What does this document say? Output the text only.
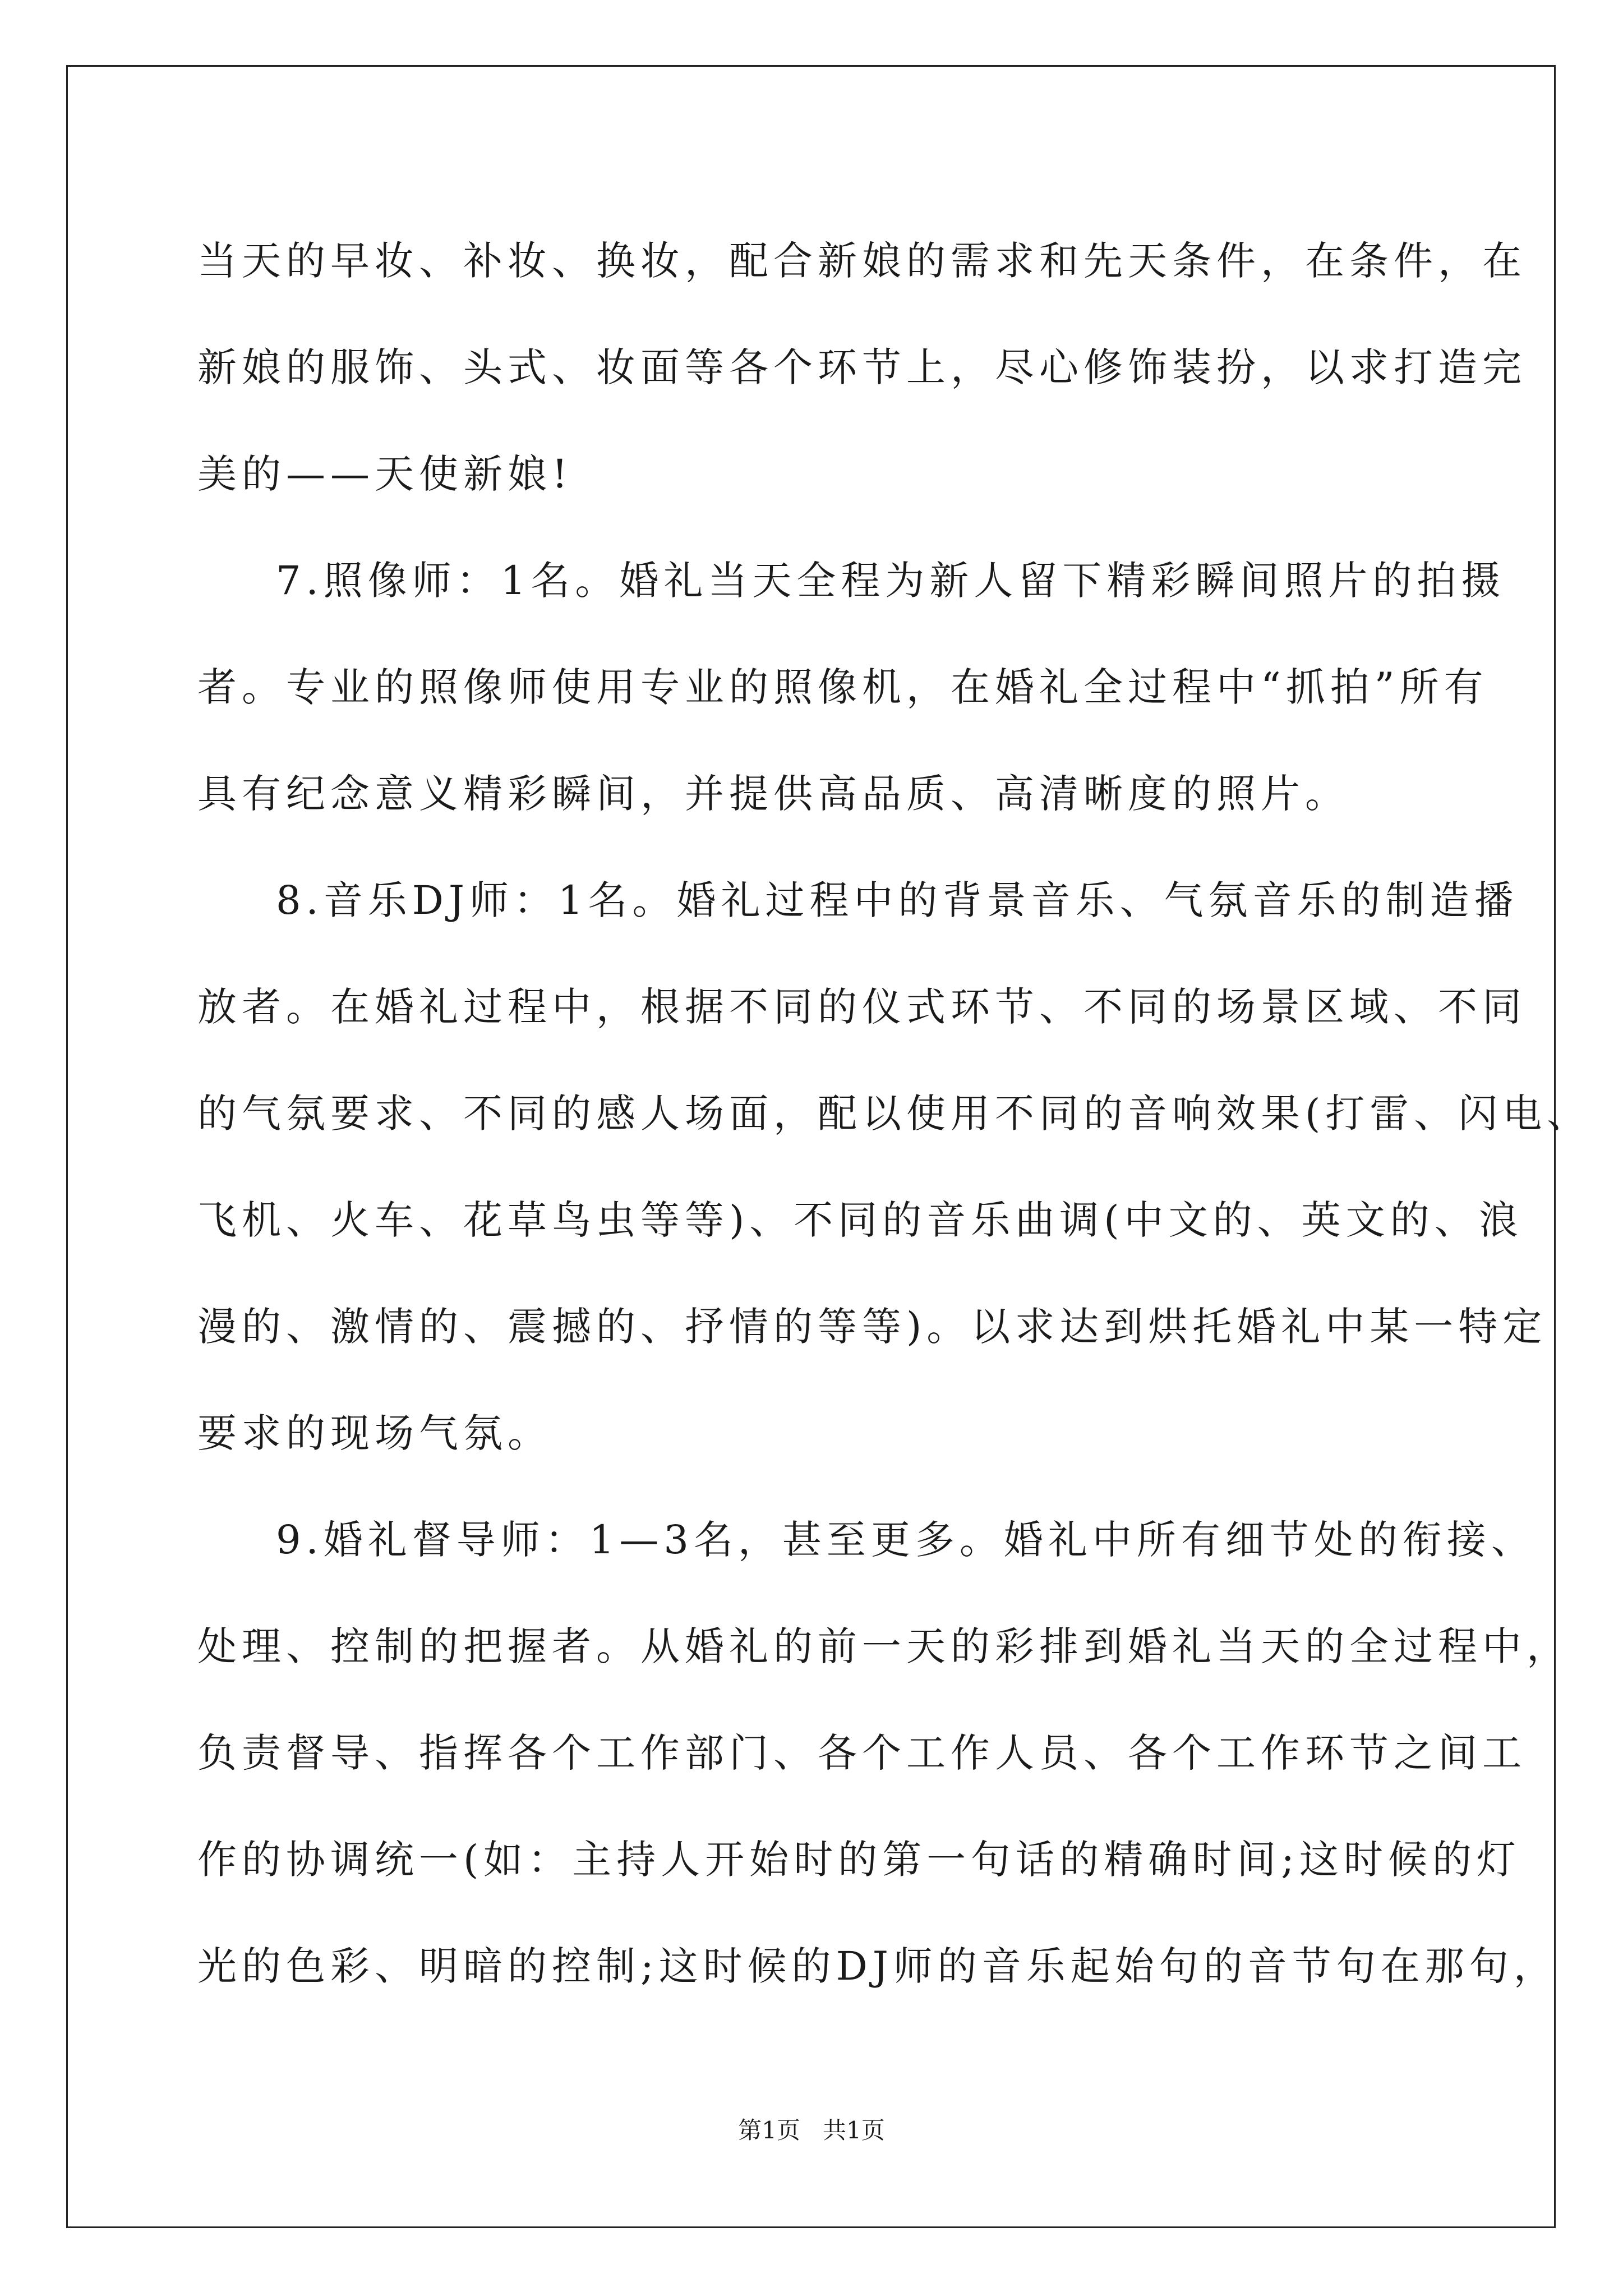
当天的早妆、补妆、换妆，配合新娘的需求和先天条件，在条件，在
新娘的服饰、头式、妆面等各个环节上，尽心修饰装扮，以求打造完
美的——天使新娘!
7.照像师：1名。婚礼当天全程为新人留下精彩瞬间照片的拍摄
者。专业的照像师使用专业的照像机，在婚礼全过程中“抓拍”所有
具有纪念意义精彩瞬间，并提供高品质、高清晰度的照片。
8.音乐DJ师：1名。婚礼过程中的背景音乐、气氛音乐的制造播
放者。在婚礼过程中，根据不同的仪式环节、不同的场景区域、不同
的气氛要求、不同的感人场面，配以使用不同的音响效果(打雷、闪电、
飞机、火车、花草鸟虫等等)、不同的音乐曲调(中文的、英文的、浪
漫的、激情的、震撼的、抒情的等等)。以求达到烘托婚礼中某一特定
要求的现场气氛。
9.婚礼督导师：1—3名，甚至更多。婚礼中所有细节处的衔接、
处理、控制的把握者。从婚礼的前一天的彩排到婚礼当天的全过程中，
负责督导、指挥各个工作部门、各个工作人员、各个工作环节之间工
作的协调统一(如：主持人开始时的第一句话的精确时间;这时候的灯
光的色彩、明暗的控制;这时候的DJ师的音乐起始句的音节句在那句，
第1页 共1页
